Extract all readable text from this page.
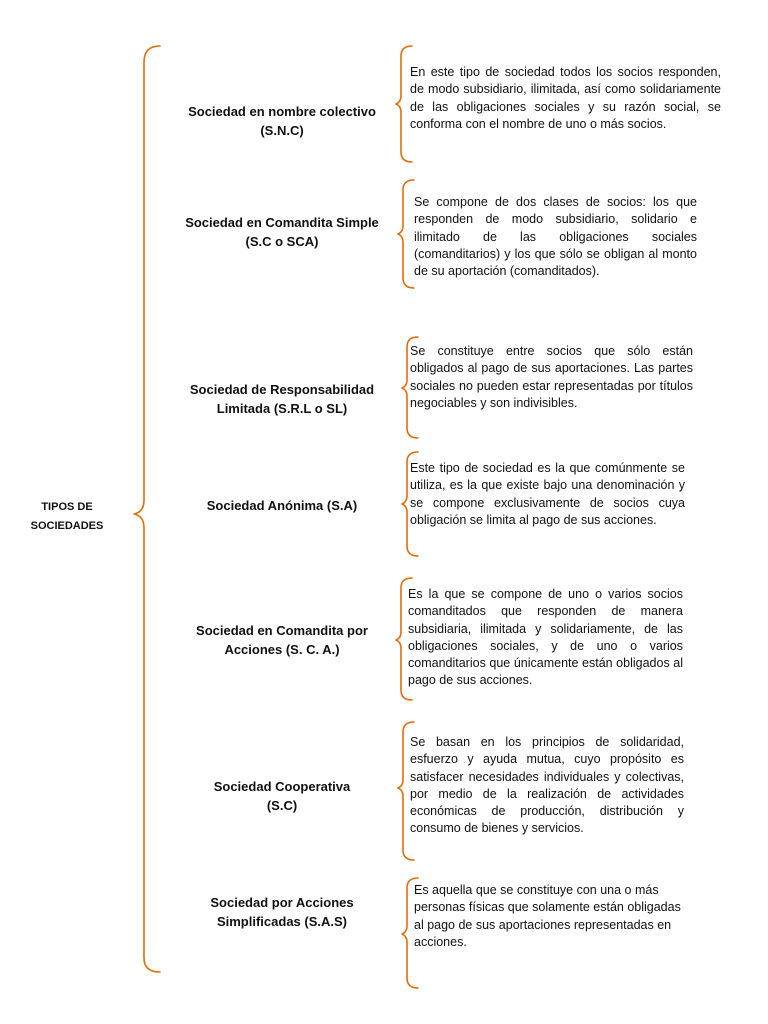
TIPOS DE
SOCIEDADES
Sociedad en nombre colectivo
(S.N.C)
Sociedad en Comandita Simple
(S.C o SCA)
Sociedad de Responsabilidad
Limitada (S.R.L o SL)
Sociedad Anónima (S.A)
Sociedad en Comandita por
Acciones (S. C. A.)
Sociedad Cooperativa
(S.C)
Sociedad por Acciones
Simplificadas (S.A.S)
En este tipo de sociedad todos los socios responden, de modo subsidiario, ilimitada, así como solidariamente de las obligaciones sociales y su razón social, se conforma con el nombre de uno o más socios.
Se compone de dos clases de socios: los que responden de modo subsidiario, solidario e ilimitado de las obligaciones sociales (comanditarios) y los que sólo se obligan al monto de su aportación (comanditados).
Se constituye entre socios que sólo están obligados al pago de sus aportaciones. Las partes sociales no pueden estar representadas por títulos negociables y son indivisibles.
Este tipo de sociedad es la que comúnmente se utiliza, es la que existe bajo una denominación y se compone exclusivamente de socios cuya obligación se limita al pago de sus acciones.
Es la que se compone de uno o varios socios comanditados que responden de manera subsidiaria, ilimitada y solidariamente, de las obligaciones sociales, y de uno o varios comanditarios que únicamente están obligados al pago de sus acciones.
Se basan en los principios de solidaridad, esfuerzo y ayuda mutua, cuyo propósito es satisfacer necesidades individuales y colectivas, por medio de la realización de actividades económicas de producción, distribución y consumo de bienes y servicios.
Es aquella que se constituye con una o más personas físicas que solamente están obligadas al pago de sus aportaciones representadas en acciones.
